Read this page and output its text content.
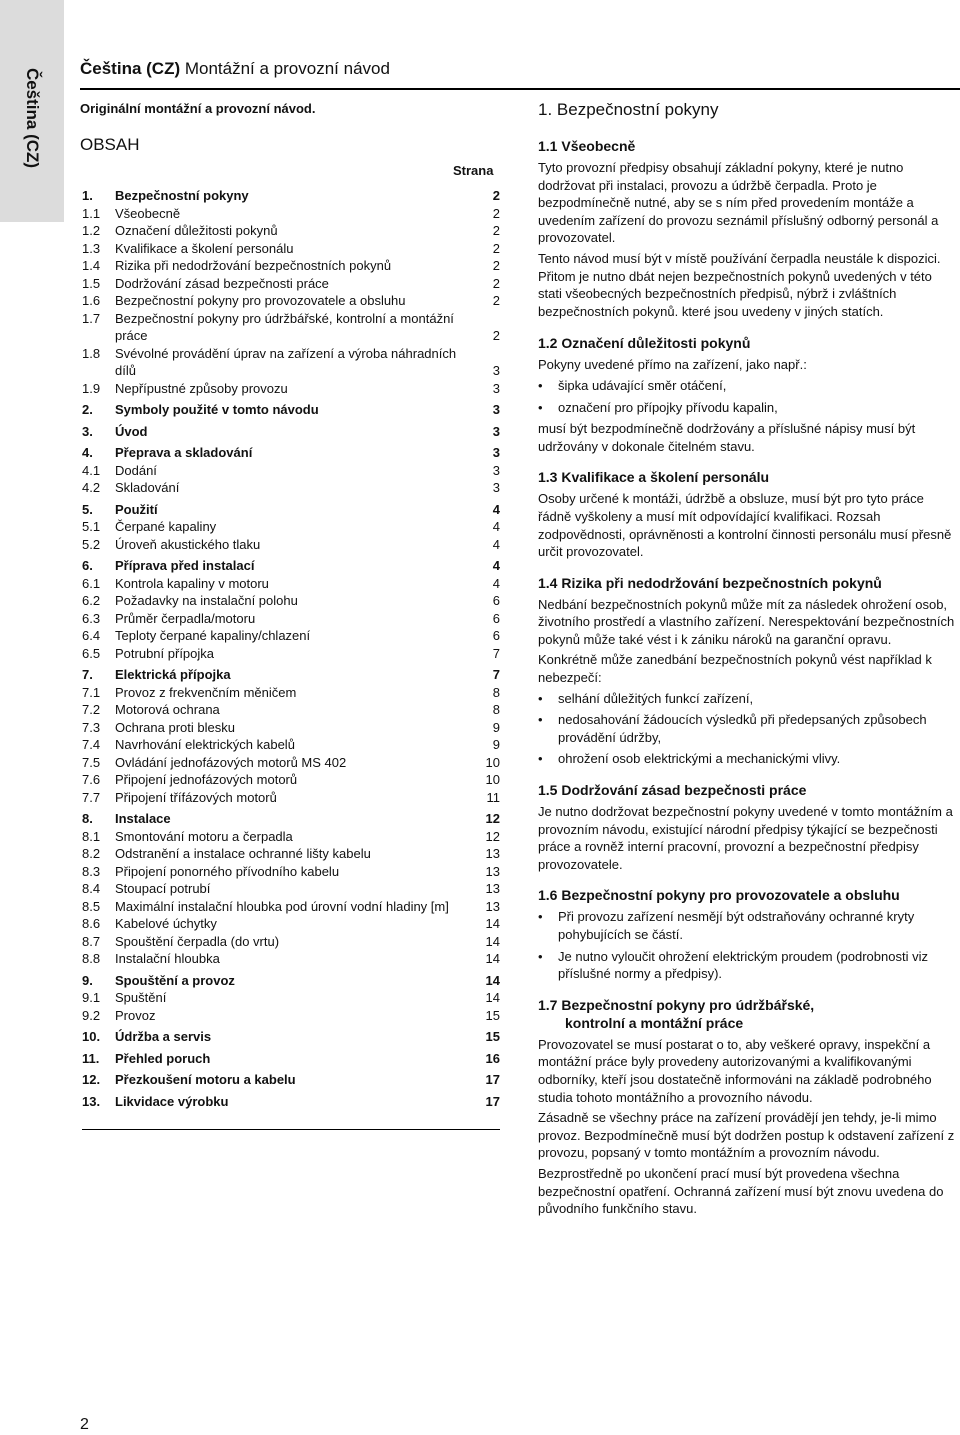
Čeština (CZ) Čeština (CZ) Montážní a provozní návod
Originální montážní a provozní návod.
OBSAH
Strana
1.	Bezpečnostní pokyny	2
1.1	Všeobecně	2
1.2	Označení důležitosti pokynů	2
1.3	Kvalifikace a školení personálu	2
1.4	Rizika při nedodržování bezpečnostních pokynů	2
1.5	Dodržování zásad bezpečnosti práce	2
1.6	Bezpečnostní pokyny pro provozovatele a obsluhu	2
1.7	Bezpečnostní pokyny pro údržbářské, kontrolní a montážní práce	2
1.8	Svévolné provádění úprav na zařízení a výroba náhradních dílů	3
1.9	Nepřípustné způsoby provozu	3
2.	Symboly použité v tomto návodu	3
3.	Úvod	3
4.	Přeprava a skladování	3
4.1	Dodání	3
4.2	Skladování	3
5.	Použití	4
5.1	Čerpané kapaliny	4
5.2	Úroveň akustického tlaku	4
6.	Příprava před instalací	4
6.1	Kontrola kapaliny v motoru	4
6.2	Požadavky na instalační polohu	6
6.3	Průměr čerpadla/motoru	6
6.4	Teploty čerpané kapaliny/chlazení	6
6.5	Potrubní přípojka	7
7.	Elektrická přípojka	7
7.1	Provoz z frekvenčním měničem	8
7.2	Motorová ochrana	8
7.3	Ochrana proti blesku	9
7.4	Navrhování elektrických kabelů	9
7.5	Ovládání jednofázových motorů MS 402	10
7.6	Připojení jednofázových motorů	10
7.7	Připojení třífázových motorů	11
8.	Instalace	12
8.1	Smontování motoru a čerpadla	12
8.2	Odstranění a instalace ochranné lišty kabelu	13
8.3	Připojení ponorného přívodního kabelu	13
8.4	Stoupací potrubí	13
8.5	Maximální instalační hloubka pod úrovní vodní hladiny [m]	13
8.6	Kabelové úchytky	14
8.7	Spouštění čerpadla (do vrtu)	14
8.8	Instalační hloubka	14
9.	Spouštění a provoz	14
9.1	Spuštění	14
9.2	Provoz	15
10.	Údržba a servis	15
11.	Přehled poruch	16
12.	Přezkoušení motoru a kabelu	17
13.	Likvidace výrobku	17
2
1. Bezpečnostní pokyny
1.1 Všeobecně

Tyto provozní předpisy obsahují základní pokyny, které je nutno dodržovat při instalaci, provozu a údržbě čerpadla. Proto je bezpodmínečně nutné, aby se s ním před provedením montáže a uvedením zařízení do provozu seznámil příslušný odborný personál a provozovatel.

Tento návod musí být v místě používání čerpadla neustále k dispozici. Přitom je nutno dbát nejen bezpečnostních pokynů uvedených v této stati všeobecných bezpečnostních předpisů, nýbrž i zvláštních bezpečnostních pokynů. které jsou uvedeny v jiných statích.

1.2 Označení důležitosti pokynů

Pokyny uvedené přímo na zařízení, jako např.:

• šipka udávající směr otáčení,
• označení pro přípojky přívodu kapalin,

musí být bezpodmínečně dodržovány a příslušné nápisy musí být udržovány v dokonale čitelném stavu.

1.3 Kvalifikace a školení personálu

Osoby určené k montáži, údržbě a obsluze, musí být pro tyto práce řádně vyškoleny a musí mít odpovídající kvalifikaci. Rozsah zodpovědnosti, oprávněnosti a kontrolní činnosti personálu musí přesně určit provozovatel.

1.4 Rizika při nedodržování bezpečnostních pokynů

Nedbání bezpečnostních pokynů může mít za následek ohrožení osob, životního prostředí a vlastního zařízení. Nerespektování bezpečnostních pokynů může také vést i k zániku nároků na garanční opravu.

Konkrétně může zanedbání bezpečnostních pokynů vést například k nebezpečí:

• selhání důležitých funkcí zařízení,
• nedosahování žádoucích výsledků při předepsaných způsobech provádění údržby,
• ohrožení osob elektrickými a mechanickými vlivy.
1.5 Dodržování zásad bezpečnosti práce

Je nutno dodržovat bezpečnostní pokyny uvedené v tomto montážním a provozním návodu, existující národní předpisy týkající se bezpečnosti práce a rovněž interní pracovní, provozní a bezpečnostní předpisy provozovatele.

1.6 Bezpečnostní pokyny pro provozovatele a obsluhu
• Při provozu zařízení nesmějí být odstraňovány ochranné kryty pohybujících se částí.
• Je nutno vyloučit ohrožení elektrickým proudem (podrobnosti viz příslušné normy a předpisy).
1.7 Bezpečnostní pokyny pro údržbářské,
kontrolní a montážní práce

Provozovatel se musí postarat o to, aby veškeré opravy, inspekční a montážní práce byly provedeny autorizovanými a kvalifikovanými odborníky, kteří jsou dostatečně informováni na základě podrobného studia tohoto montážního a provozního návodu.

Zásadně se všechny práce na zařízení provádějí jen tehdy, je-li mimo provoz. Bezpodmínečně musí být dodržen postup k odstavení zařízení z provozu, popsaný v tomto montážním a provozním návodu.

Bezprostředně po ukončení prací musí být provedena všechna bezpečnostní opatření. Ochranná zařízení musí být znovu uvedena do původního funkčního stavu.
